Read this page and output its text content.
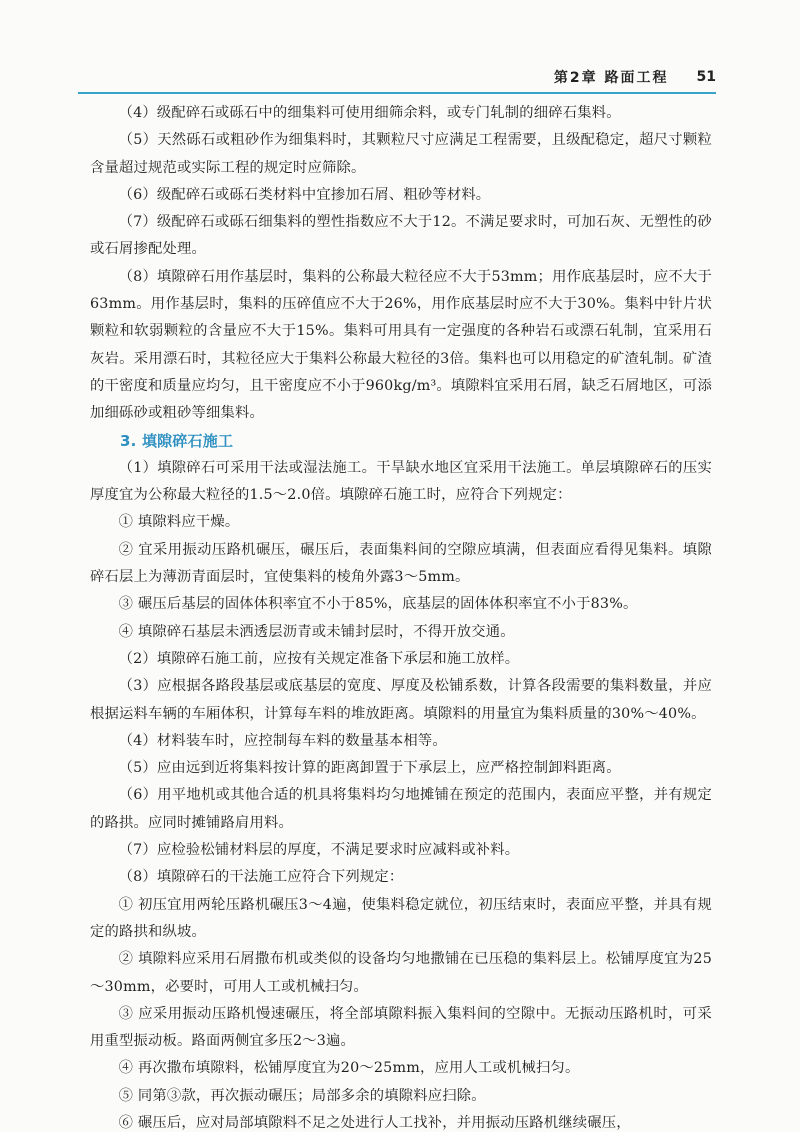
第2章 路面工程 51

（4）级配碎石或砾石中的细集料可使用细筛余料，或专门轧制的细碎石集料。

（5）天然砾石或粗砂作为细集料时，其颗粒尺寸应满足工程需要，且级配稳定，超尺寸颗粒含量超过规范或实际工程的规定时应筛除。

（6）级配碎石或砾石类材料中宜掺加石屑、粗砂等材料。

（7）级配碎石或砾石细集料的塑性指数应不大于12。不满足要求时，可加石灰、无塑性的砂或石屑掺配处理。

（8）填隙碎石用作基层时，集料的公称最大粒径应不大于53mm；用作底基层时，应不大于63mm。用作基层时，集料的压碎值应不大于26%，用作底基层时应不大于30%。集料中针片状颗粒和软弱颗粒的含量应不大于15%。集料可用具有一定强度的各种岩石或漂石轧制，宜采用石灰岩。采用漂石时，其粒径应大于集料公称最大粒径的3倍。集料也可以用稳定的矿渣轧制。矿渣的干密度和质量应均匀，且干密度应不小于960kg/m³。填隙料宜采用石屑，缺乏石屑地区，可添加细砾砂或粗砂等细集料。

3. 填隙碎石施工

（1）填隙碎石可采用干法或湿法施工。干旱缺水地区宜采用干法施工。单层填隙碎石的压实厚度宜为公称最大粒径的1.5～2.0倍。填隙碎石施工时，应符合下列规定：

① 填隙料应干燥。

② 宜采用振动压路机碾压，碾压后，表面集料间的空隙应填满，但表面应看得见集料。填隙碎石层上为薄沥青面层时，宜使集料的棱角外露3～5mm。

③ 碾压后基层的固体体积率宜不小于85%，底基层的固体体积率宜不小于83%。

④ 填隙碎石基层未洒透层沥青或未铺封层时，不得开放交通。

（2）填隙碎石施工前，应按有关规定准备下承层和施工放样。

（3）应根据各路段基层或底基层的宽度、厚度及松铺系数，计算各段需要的集料数量，并应根据运料车辆的车厢体积，计算每车料的堆放距离。填隙料的用量宜为集料质量的30%～40%。

（4）材料装车时，应控制每车料的数量基本相等。

（5）应由远到近将集料按计算的距离卸置于下承层上，应严格控制卸料距离。

（6）用平地机或其他合适的机具将集料均匀地摊铺在预定的范围内，表面应平整，并有规定的路拱。应同时摊铺路肩用料。

（7）应检验松铺材料层的厚度，不满足要求时应减料或补料。

（8）填隙碎石的干法施工应符合下列规定：

① 初压宜用两轮压路机碾压3～4遍，使集料稳定就位，初压结束时，表面应平整，并具有规定的路拱和纵坡。

② 填隙料应采用石屑撒布机或类似的设备均匀地撒铺在已压稳的集料层上。松铺厚度宜为25～30mm，必要时，可用人工或机械扫匀。

③ 应采用振动压路机慢速碾压，将全部填隙料振入集料间的空隙中。无振动压路机时，可采用重型振动板。路面两侧宜多压2～3遍。

④ 再次撒布填隙料，松铺厚度宜为20～25mm，应用人工或机械扫匀。

⑤ 同第③款，再次振动碾压；局部多余的填隙料应扫除。

⑥ 碾压后，应对局部填隙料不足之处进行人工找补，并用振动压路机继续碾压，
